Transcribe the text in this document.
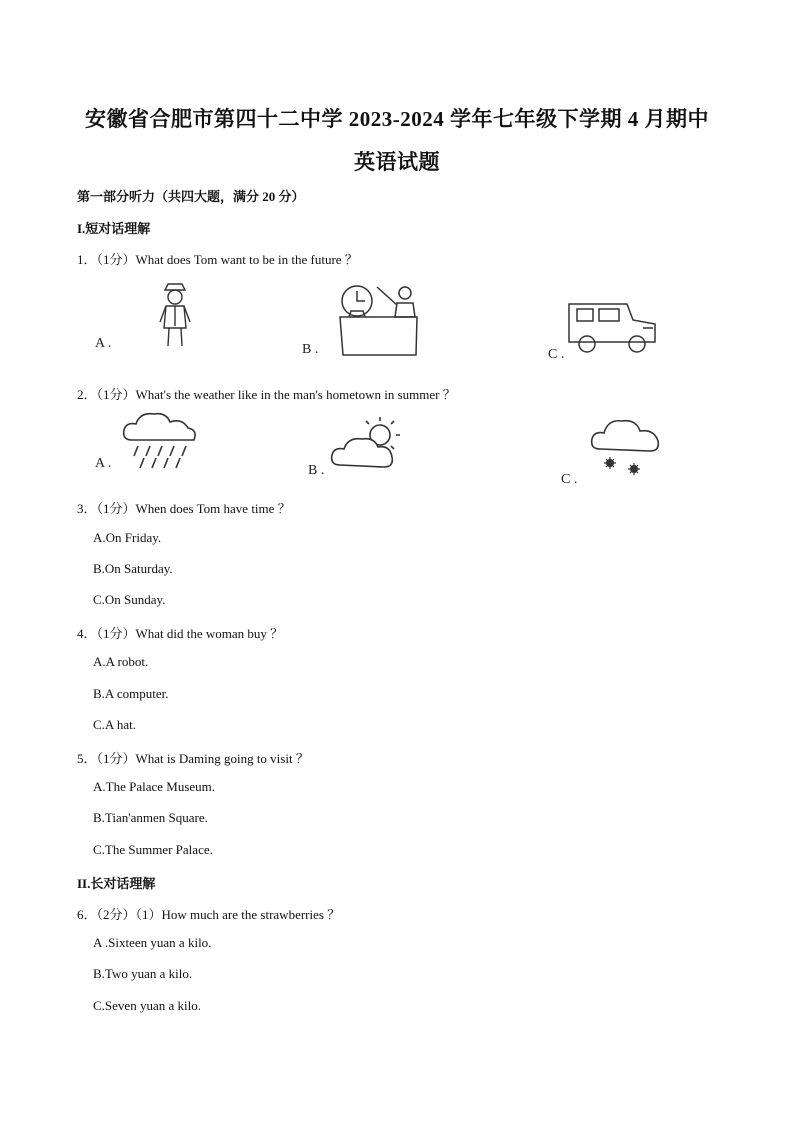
安徽省合肥市第四十二中学 2023-2024 学年七年级下学期 4 月期中
英语试题
第一部分听力（共四大题，满分 20 分）
I.短对话理解
1．（1分）What does Tom want to be in the future ？
A .	B .	C .
2．（1分）What's the weather like in the man's hometown in summer ？
A .	B .
C .
3．（1分）When does Tom have time ？
A.On Friday.
B.On Saturday.
C.On Sunday.
4．（1分）What did the woman buy ？
A.A robot.
B.A computer.
C.A hat.
5．（1分）What is Daming going to visit ？
A.The Palace Museum.
B.Tian'anmen Square.
C.The Summer Palace.
II.长对话理解
6．（2分）（1）How much are the strawberries ？
A .Sixteen yuan a kilo.
B.Two yuan a kilo.
C.Seven yuan a kilo.
